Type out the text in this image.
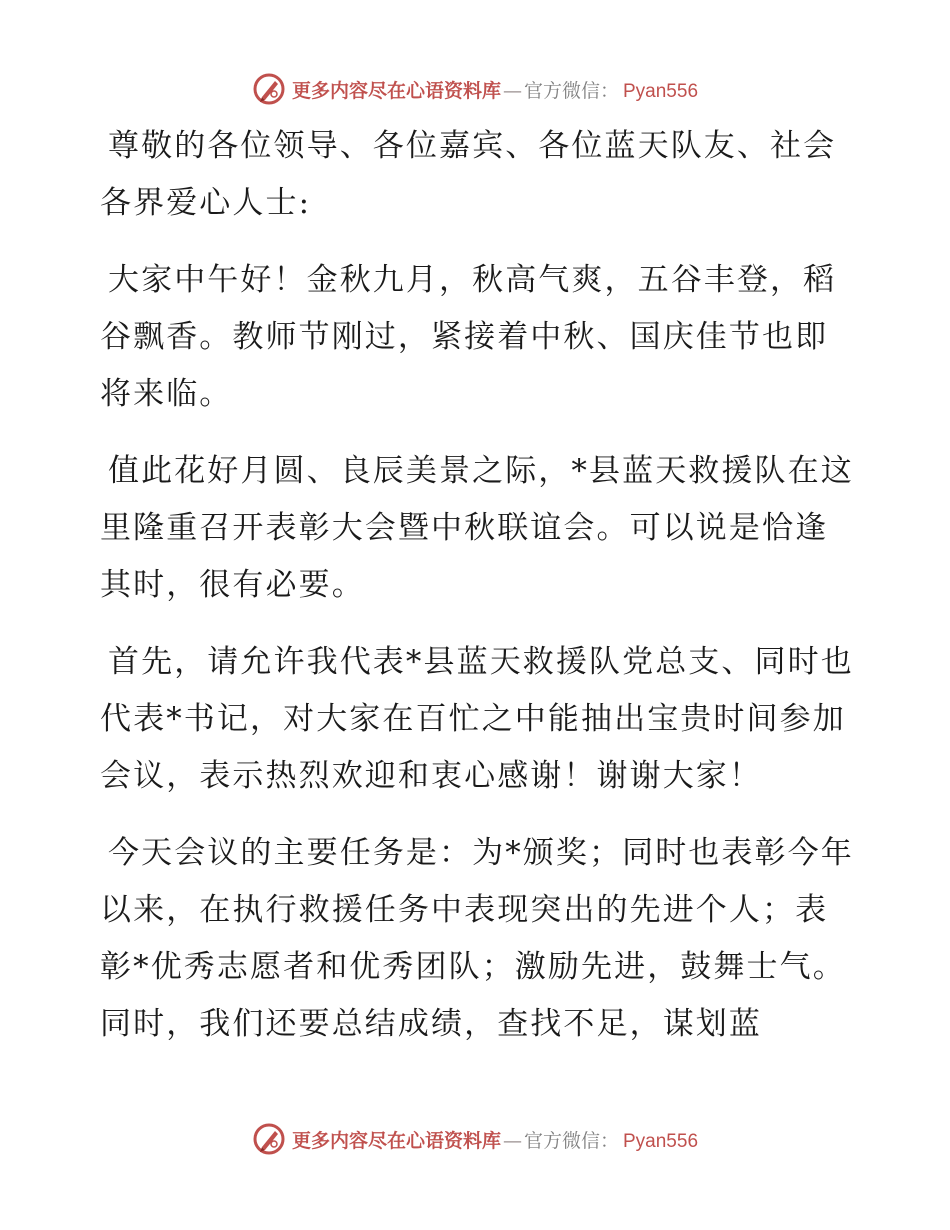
更多内容尽在心语资料库 — 官方微信： Pyan556

尊敬的各位领导、各位嘉宾、各位蓝天队友、社会各界爱心人士:

大家中午好！金秋九月，秋高气爽，五谷丰登，稻谷飘香。教师节刚过，紧接着中秋、国庆佳节也即将来临。

值此花好月圆、良辰美景之际，*县蓝天救援队在这里隆重召开表彰大会暨中秋联谊会。可以说是恰逢其时，很有必要。

首先，请允许我代表*县蓝天救援队党总支、同时也代表*书记，对大家在百忙之中能抽出宝贵时间参加会议，表示热烈欢迎和衷心感谢！谢谢大家！

今天会议的主要任务是：为*颁奖；同时也表彰今年以来，在执行救援任务中表现突出的先进个人；表彰*优秀志愿者和优秀团队；激励先进，鼓舞士气。同时，我们还要总结成绩，查找不足，谋划蓝

更多内容尽在心语资料库 — 官方微信： Pyan556
